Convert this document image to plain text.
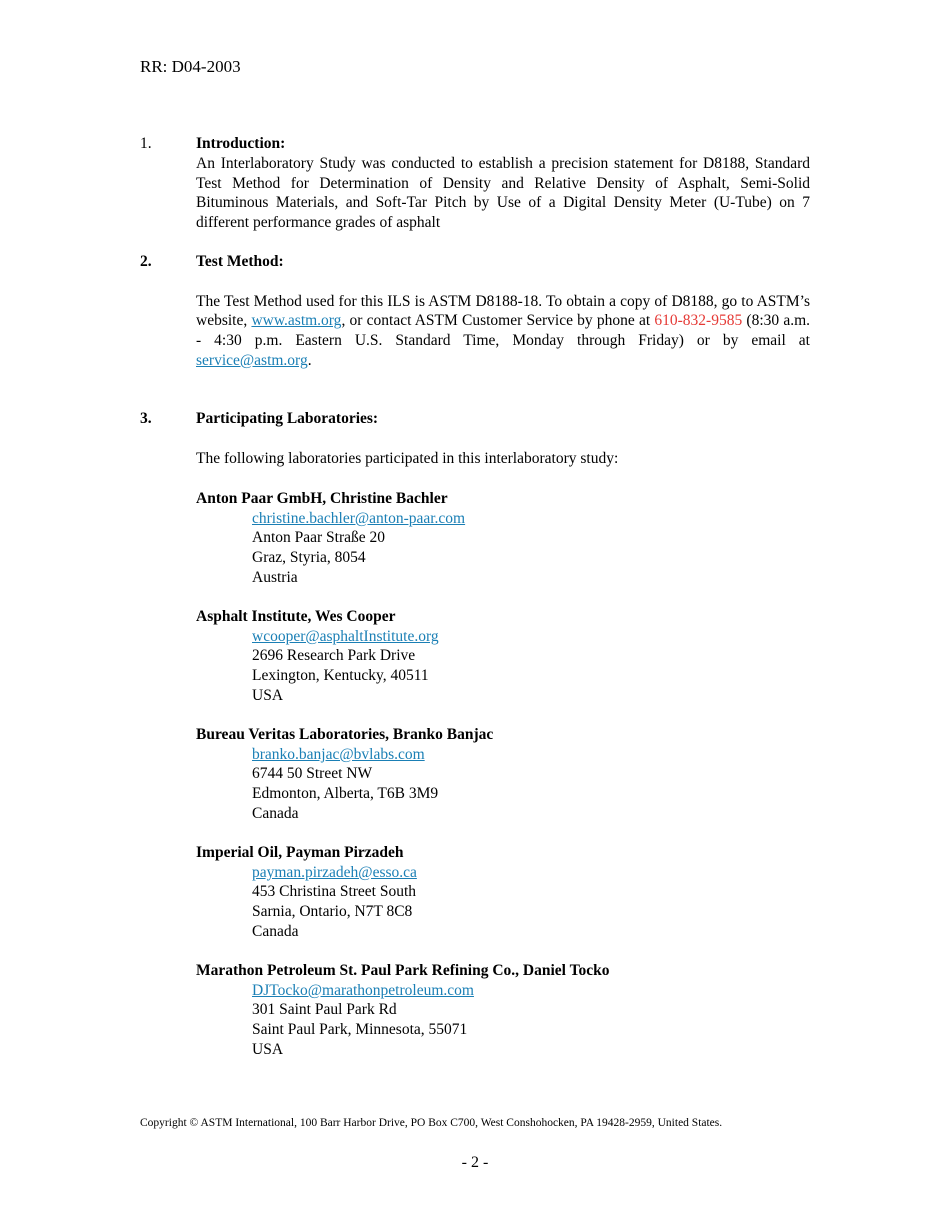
RR: D04-2003
1.	Introduction:
An Interlaboratory Study was conducted to establish a precision statement for D8188, Standard Test Method for Determination of Density and Relative Density of Asphalt, Semi-Solid Bituminous Materials, and Soft-Tar Pitch by Use of a Digital Density Meter (U-Tube) on 7 different performance grades of asphalt
2.	Test Method:
The Test Method used for this ILS is ASTM D8188-18. To obtain a copy of D8188, go to ASTM’s website, www.astm.org, or contact ASTM Customer Service by phone at 610-832-9585 (8:30 a.m. - 4:30 p.m. Eastern U.S. Standard Time, Monday through Friday) or by email at service@astm.org.
3.	Participating Laboratories:
The following laboratories participated in this interlaboratory study:
Anton Paar GmbH, Christine Bachler
christine.bachler@anton-paar.com
Anton Paar Straße 20
Graz, Styria, 8054
Austria
Asphalt Institute, Wes Cooper
wcooper@asphaltInstitute.org
2696 Research Park Drive
Lexington, Kentucky, 40511
USA
Bureau Veritas Laboratories, Branko Banjac
branko.banjac@bvlabs.com
6744 50 Street NW
Edmonton, Alberta, T6B 3M9
Canada
Imperial Oil, Payman Pirzadeh
payman.pirzadeh@esso.ca
453 Christina Street South
Sarnia, Ontario, N7T 8C8
Canada
Marathon Petroleum St. Paul Park Refining Co., Daniel Tocko
DJTocko@marathonpetroleum.com
301 Saint Paul Park Rd
Saint Paul Park, Minnesota, 55071
USA
Copyright © ASTM International, 100 Barr Harbor Drive, PO Box C700, West Conshohocken, PA 19428-2959, United States.
- 2 -
